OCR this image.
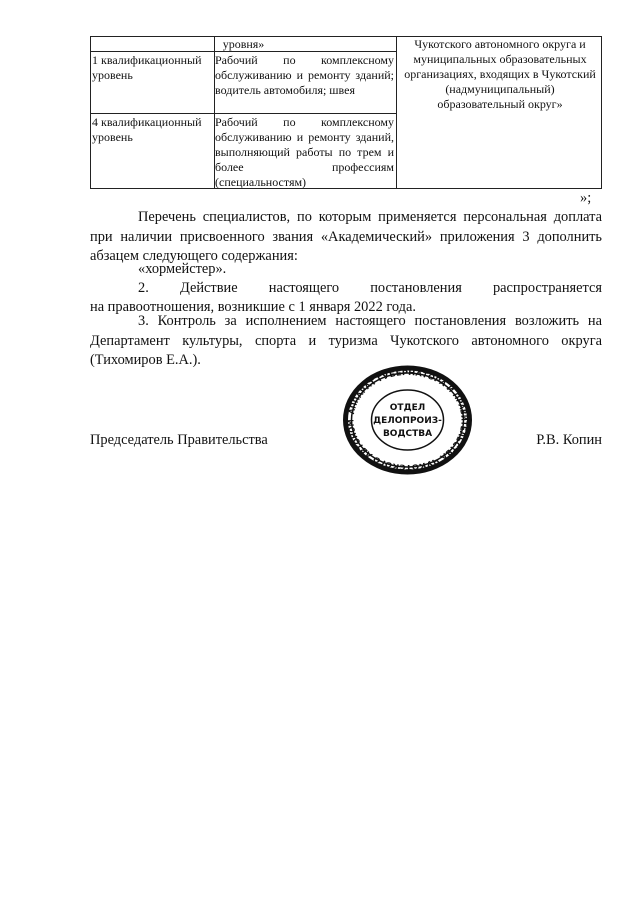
уровня»
1 квалификационный уровень
Рабочий по комплексному обслуживанию и ремонту зданий; водитель автомобиля; швея
4 квалификационный уровень
Рабочий по комплексному обслуживанию и ремонту зданий, выполняющий работы по трем и более профессиям (специальностям)
Чукотского автономного округа и
муниципальных образовательных
организациях, входящих в Чукотский
(надмуниципальный)
образовательный округ»
»;
Перечень специалистов, по которым применяется персональная доплата при наличии присвоенного звания «Академический» приложения 3 дополнить абзацем следующего содержания:
«хормейстер».
2. Действие настоящего постановления распространяется
на правоотношения, возникшие с 1 января 2022 года.
3. Контроль за исполнением настоящего постановления возложить на Департамент культуры, спорта и туризма Чукотского автономного округа (Тихомиров Е.А.).
Председатель Правительства	Р.В. Копин
АППАРАТ ГУБЕРНАТОРА И ПРАВИТЕЛЬСТВА ЧУКОТСКОГО АВТОНОМ
ОТДЕЛ
ДЕЛОПРОИЗ-
ВОДСТВА
